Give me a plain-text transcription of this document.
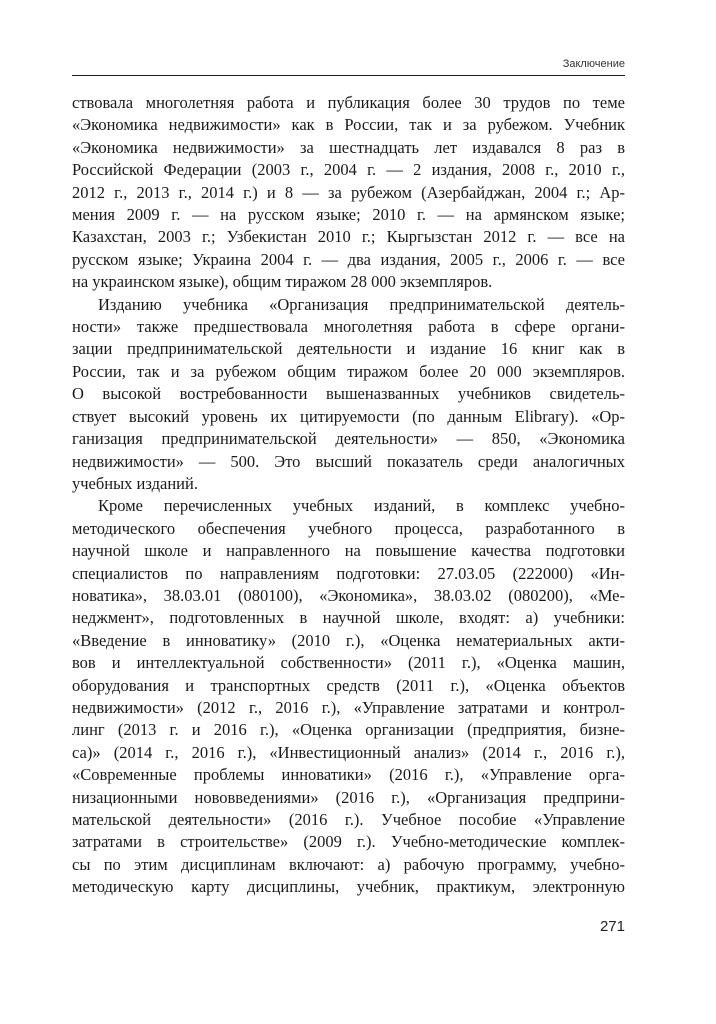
Заключение
ствовала многолетняя работа и публикация более 30 трудов по теме
«Экономика недвижимости» как в России, так и за рубежом. Учебник
«Экономика недвижимости» за шестнадцать лет издавался 8 раз в
Российской Федерации (2003 г., 2004 г. — 2 издания, 2008 г., 2010 г.,
2012 г., 2013 г., 2014 г.) и 8 — за рубежом (Азербайджан, 2004 г.; Ар-
мения 2009 г. — на русском языке; 2010 г. — на армянском языке;
Казахстан, 2003 г.; Узбекистан 2010 г.; Кыргызстан 2012 г. — все на
русском языке; Украина 2004 г. — два издания, 2005 г., 2006 г. — все
на украинском языке), общим тиражом 28 000 экземпляров.
Изданию учебника «Организация предпринимательской деятель-
ности» также предшествовала многолетняя работа в сфере органи-
зации предпринимательской деятельности и издание 16 книг как в
России, так и за рубежом общим тиражом более 20 000 экземпляров.
О высокой востребованности вышеназванных учебников свидетель-
ствует высокий уровень их цитируемости (по данным Elibrary). «Ор-
ганизация предпринимательской деятельности» — 850, «Экономика
недвижимости» — 500. Это высший показатель среди аналогичных
учебных изданий.
Кроме перечисленных учебных изданий, в комплекс учебно-
методического обеспечения учебного процесса, разработанного в
научной школе и направленного на повышение качества подготовки
специалистов по направлениям подготовки: 27.03.05 (222000) «Ин-
новатика», 38.03.01 (080100), «Экономика», 38.03.02 (080200), «Ме-
неджмент», подготовленных в научной школе, входят: а) учебники:
«Введение в инноватику» (2010 г.), «Оценка нематериальных акти-
вов и интеллектуальной собственности» (2011 г.), «Оценка машин,
оборудования и транспортных средств (2011 г.), «Оценка объектов
недвижимости» (2012 г., 2016 г.), «Управление затратами и контрол-
линг (2013 г. и 2016 г.), «Оценка организации (предприятия, бизне-
са)» (2014 г., 2016 г.), «Инвестиционный анализ» (2014 г., 2016 г.),
«Современные проблемы инноватики» (2016 г.), «Управление орга-
низационными нововведениями» (2016 г.), «Организация предприни-
мательской деятельности» (2016 г.). Учебное пособие «Управление
затратами в строительстве» (2009 г.). Учебно-методические комплек-
сы по этим дисциплинам включают: а) рабочую программу, учебно-
методическую карту дисциплины, учебник, практикум, электронную
271
